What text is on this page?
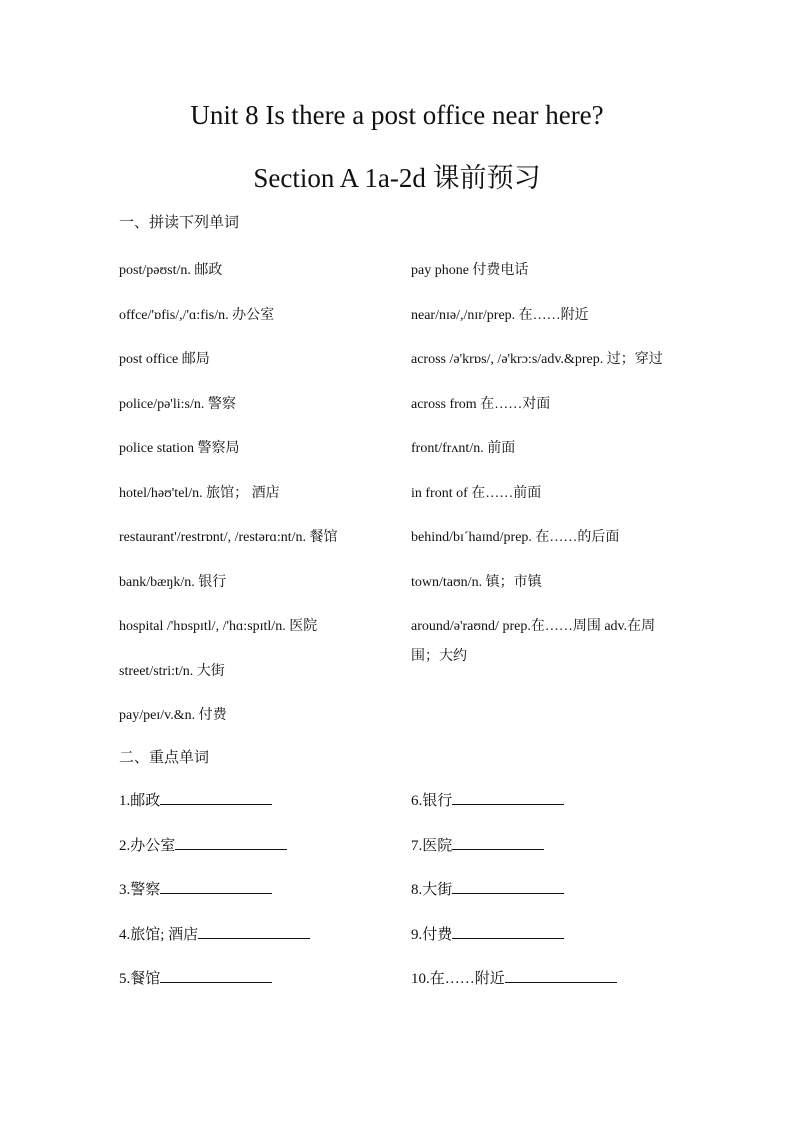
Unit 8 Is there a post office near here?
Section A 1a-2d 课前预习
一、拼读下列单词
post/pəʊst/n. 邮政
offce/'ɒfis/,/'ɑ:fis/n. 办公室
post office 邮局
police/pə'li:s/n. 警察
police station 警察局
hotel/həʊ'tel/n. 旅馆； 酒店
restaurant'/restrɒnt/, /restərɑ:nt/n. 餐馆
bank/bæŋk/n. 银行
hospital /'hɒspɪtl/, /'hɑ:spɪtl/n. 医院
street/stri:t/n. 大街
pay/peɪ/v.&n. 付费
pay phone 付费电话
near/nɪə/,/nɪr/prep. 在……附近
across /ə'krɒs/, /ə'krɔ:s/adv.&prep. 过；穿过
across from 在……对面
front/frʌnt/n. 前面
in front of 在……前面
behind/bɪˊhaɪnd/prep. 在……的后面
town/taʊn/n. 镇；市镇
around/ə'raʊnd/ prep.在……周围 adv.在周围；大约
二、重点单词
1.邮政
2.办公室
3.警察
4.旅馆; 酒店
5.餐馆
6.银行
7.医院
8.大街
9.付费
10.在……附近
